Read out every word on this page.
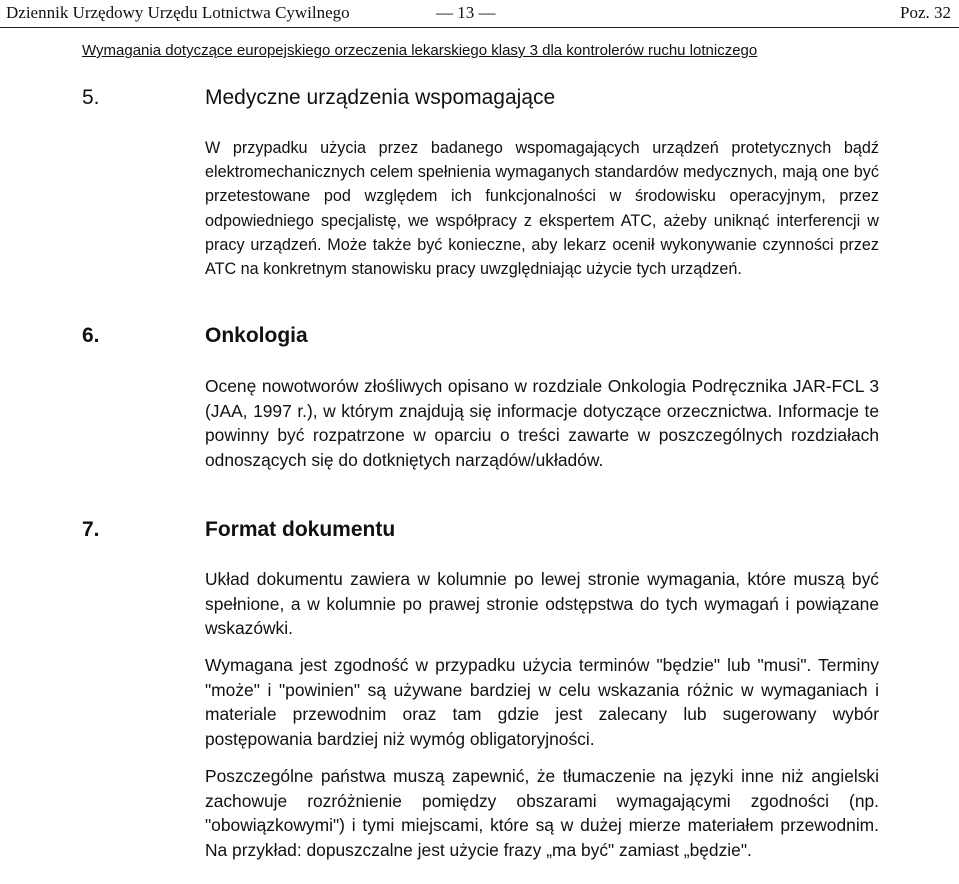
Dziennik Urzędowy Urzędu Lotnictwa Cywilnego	— 13 —	Poz. 32
Wymagania dotyczące europejskiego orzeczenia lekarskiego klasy 3 dla kontrolerów ruchu lotniczego
5.	Medyczne urządzenia wspomagające
W przypadku użycia przez badanego wspomagających urządzeń protetycznych bądź elektromechanicznych celem spełnienia wymaganych standardów medycznych, mają one być przetestowane pod względem ich funkcjonalności w środowisku operacyjnym, przez odpowiedniego specjalistę, we współpracy z ekspertem ATC, ażeby uniknąć interferencji w pracy urządzeń. Może także być konieczne, aby lekarz ocenił wykonywanie czynności przez ATC na konkretnym stanowisku pracy uwzględniając użycie tych urządzeń.
6.	Onkologia
Ocenę nowotworów złośliwych opisano w rozdziale Onkologia Podręcznika JAR-FCL 3 (JAA, 1997 r.), w którym znajdują się informacje dotyczące orzecznictwa. Informacje te powinny być rozpatrzone w oparciu o treści zawarte w poszczególnych rozdziałach odnoszących się do dotkniętych narządów/układów.
7.	Format dokumentu
Układ dokumentu zawiera w kolumnie po lewej stronie wymagania, które muszą być spełnione, a w kolumnie po prawej stronie odstępstwa do tych wymagań i powiązane wskazówki.
Wymagana jest zgodność w przypadku użycia terminów "będzie" lub "musi". Terminy "może" i "powinien" są używane bardziej w celu wskazania różnic w wymaganiach i materiale przewodnim oraz tam gdzie jest zalecany lub sugerowany wybór postępowania bardziej niż wymóg obligatoryjności.
Poszczególne państwa muszą zapewnić, że tłumaczenie na języki inne niż angielski zachowuje rozróżnienie pomiędzy obszarami wymagającymi zgodności (np. "obowiązkowymi") i tymi miejscami, które są w dużej mierze materiałem przewodnim. Na przykład: dopuszczalne jest użycie frazy „ma być" zamiast „będzie".
